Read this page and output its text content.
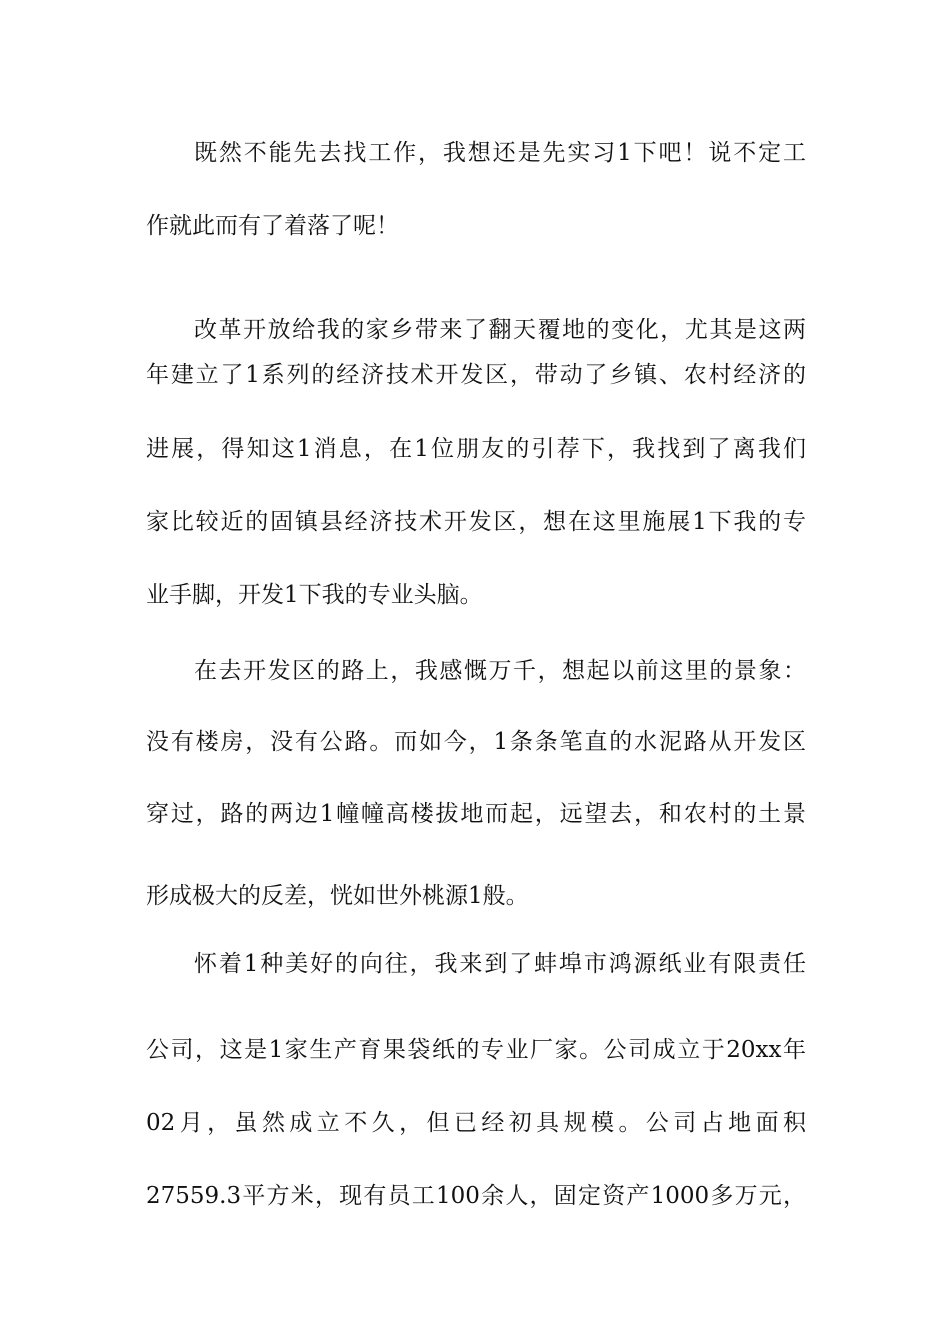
既然不能先去找工作，我想还是先实习1下吧！说不定工
作就此而有了着落了呢！
改革开放给我的家乡带来了翻天覆地的变化，尤其是这两
年建立了1系列的经济技术开发区，带动了乡镇、农村经济的
进展，得知这1消息，在1位朋友的引荐下，我找到了离我们
家比较近的固镇县经济技术开发区，想在这里施展1下我的专
业手脚，开发1下我的专业头脑。
在去开发区的路上，我感慨万千，想起以前这里的景象：
没有楼房，没有公路。而如今，1条条笔直的水泥路从开发区
穿过，路的两边1幢幢高楼拔地而起，远望去，和农村的土景
形成极大的反差，恍如世外桃源1般。
怀着1种美好的向往，我来到了蚌埠市鸿源纸业有限责任
公司，这是1家生产育果袋纸的专业厂家。公司成立于20xx年
02月，虽然成立不久，但已经初具规模。公司占地面积
27559.3平方米，现有员工100余人，固定资产1000多万元，
